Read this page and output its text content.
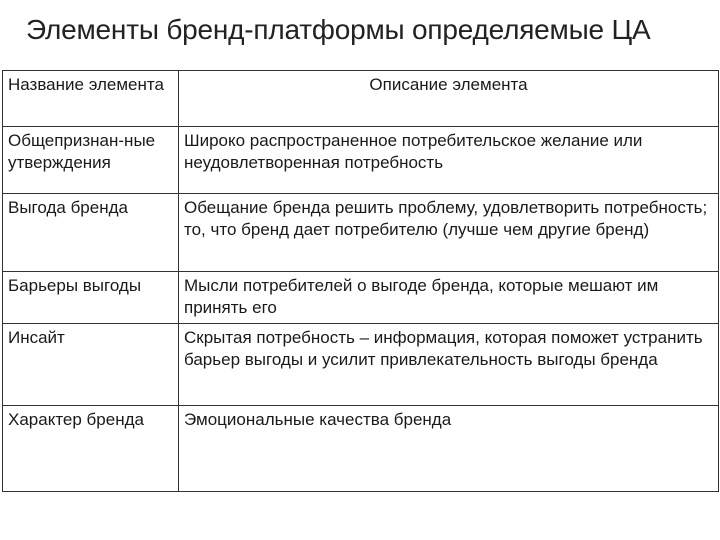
Элементы бренд-платформы определяемые ЦА
Название элемента	Описание элемента
Общепризнан-ные утверждения	Широко распространенное потребительское желание или неудовлетворенная потребность
Выгода бренда	Обещание бренда решить проблему, удовлетворить потребность; то, что бренд дает потребителю (лучше чем другие бренд)
Барьеры выгоды	Мысли потребителей о выгоде бренда, которые мешают им принять его
Инсайт	Скрытая потребность – информация, которая поможет устранить барьер выгоды и усилит привлекательность выгоды бренда
Характер бренда	Эмоциональные качества бренда
